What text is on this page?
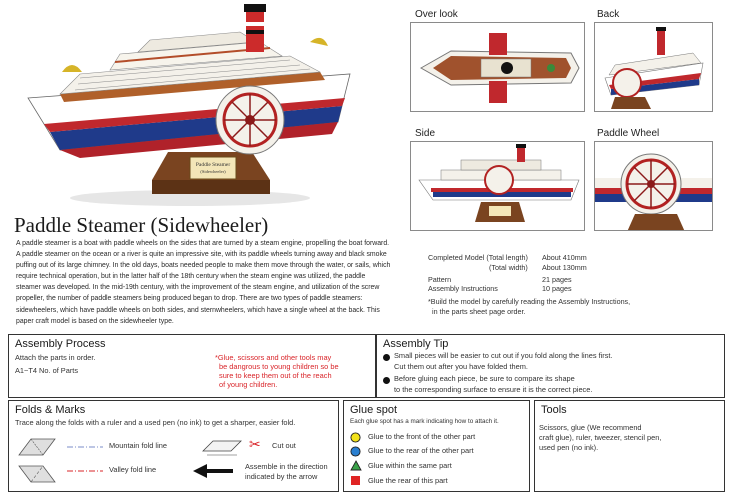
Paddle Steamer
(Sidewheeler)
Paddle Steamer (Sidewheeler)
A paddle steamer is a boat with paddle wheels on the sides that are turned by a steam engine, propelling the boat forward. A paddle steamer on the ocean or a river is quite an impressive site, with its paddle wheels turning away and black smoke puffing out of its large chimney. In the old days, boats needed people to make them move through the water, or sails, which require technical operation, but in the latter half of the 18th century when the steam engine was utilized, the paddle steamer was developed. In the mid-19th century, with the improvement of the steam engine, and utilization of the screw propeller, the number of paddle steamers being produced began to drop. There are two types of paddle steamers: sidewheelers, which have paddle wheels on both sides, and sternwheelers, which have a single wheel at the back. This paper craft model is based on the sidewheeler type.
Over look	Back
Side	Paddle Wheel
Completed Model (Total length) About 410mm
(Total width) About 130mm
Pattern	21 pages
Assembly Instructions	10 pages
*Build the model by carefully reading the Assembly Instructions,
in the parts sheet page order.
Assembly Process
Attach the parts in order.
A1~T4 No. of Parts
*Glue, scissors and other tools may
be dangrous to young children so be
sure to keep them out of the reach
of young children.
Assembly Tip
Small pieces will be easier to cut out if you fold along the lines first.
Cut them out after you have folded them.
Before gluing each piece, be sure to compare its shape
to the corresponding surface to ensure it is the correct piece.
Folds & Marks
Trace along the folds with a ruler and a used pen (no ink) to get a sharper, easier fold.
Mountain fold line
Valley fold line
✂ Cut out
Assemble in the direction
indicated by the arrow
Glue spot
Each glue spot has a mark indicating how to attach it.
Glue to the front of the other part
Glue to the rear of the other part
Glue within the same part
Glue the rear of this part
Tools
Scissors, glue (We recommend
craft glue), ruler, tweezer, stencil pen,
used pen (no ink).
